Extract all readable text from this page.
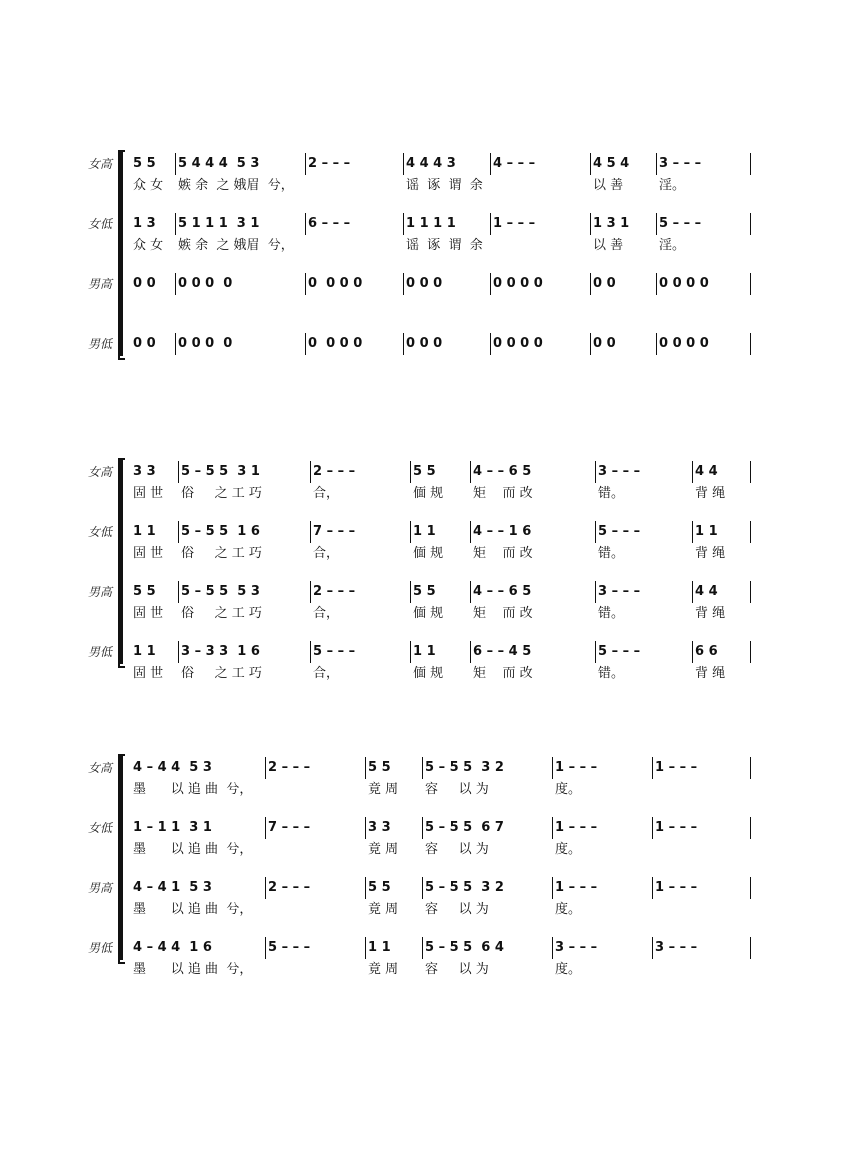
女高 5 5	5 4 4 4  5 3	2 – – –	4 4 4 3	4 – – –	4 5 4	3 – – –
众 女 嫉 余  之 娥眉  兮，	谣  诼  谓  余	以 善	淫。
女低 1 3	5 1 1 1  3 1	6 – – –	1 1 1 1	1 – – –	1 3 1	5 – – –
众 女 嫉 余  之 娥眉  兮，	谣  诼  谓  余	以 善	淫。
男高 0 0	0 0 0  0	0  0 0 0	0 0 0	0 0 0 0	0 0	0 0 0 0
男低 0 0	0 0 0  0	0  0 0 0	0 0 0	0 0 0 0	0 0	0 0 0 0
女高 3 3	5 – 5 5  3 1	2 – – –	5 5	4 – – 6 5	3 – – –	4 4
固 世 俗     之 工 巧	合，	偭 规 矩    而 改	错。	背 绳
女低 1 1	5 – 5 5  1 6	7 – – –	1 1	4 – – 1 6	5 – – –	1 1
固 世 俗     之 工 巧	合，	偭 规 矩    而 改	错。	背 绳
男高 5 5	5 – 5 5  5 3	2 – – –	5 5	4 – – 6 5	3 – – –	4 4
固 世 俗     之 工 巧	合，	偭 规 矩    而 改	错。	背 绳
男低 1 1	3 – 3 3  1 6	5 – – –	1 1	6 – – 4 5	5 – – –	6 6
固 世 俗     之 工 巧	合，	偭 规 矩    而 改	错。	背 绳
女高 4 – 4 4  5 3	2 – – –	5 5	5 – 5 5  3 2	1 – – –	1 – – –
墨      以 追 曲  兮，	竟 周 容     以 为	度。
女低 1 – 1 1  3 1	7 – – –	3 3	5 – 5 5  6 7	1 – – –	1 – – –
墨      以 追 曲  兮，	竟 周 容     以 为	度。
男高 4 – 4 1  5 3	2 – – –	5 5	5 – 5 5  3 2	1 – – –	1 – – –
墨      以 追 曲  兮，	竟 周 容     以 为	度。
男低 4 – 4 4  1 6	5 – – –	1 1	5 – 5 5  6 4	3 – – –	3 – – –
墨      以 追 曲  兮，	竟 周 容     以 为	度。
